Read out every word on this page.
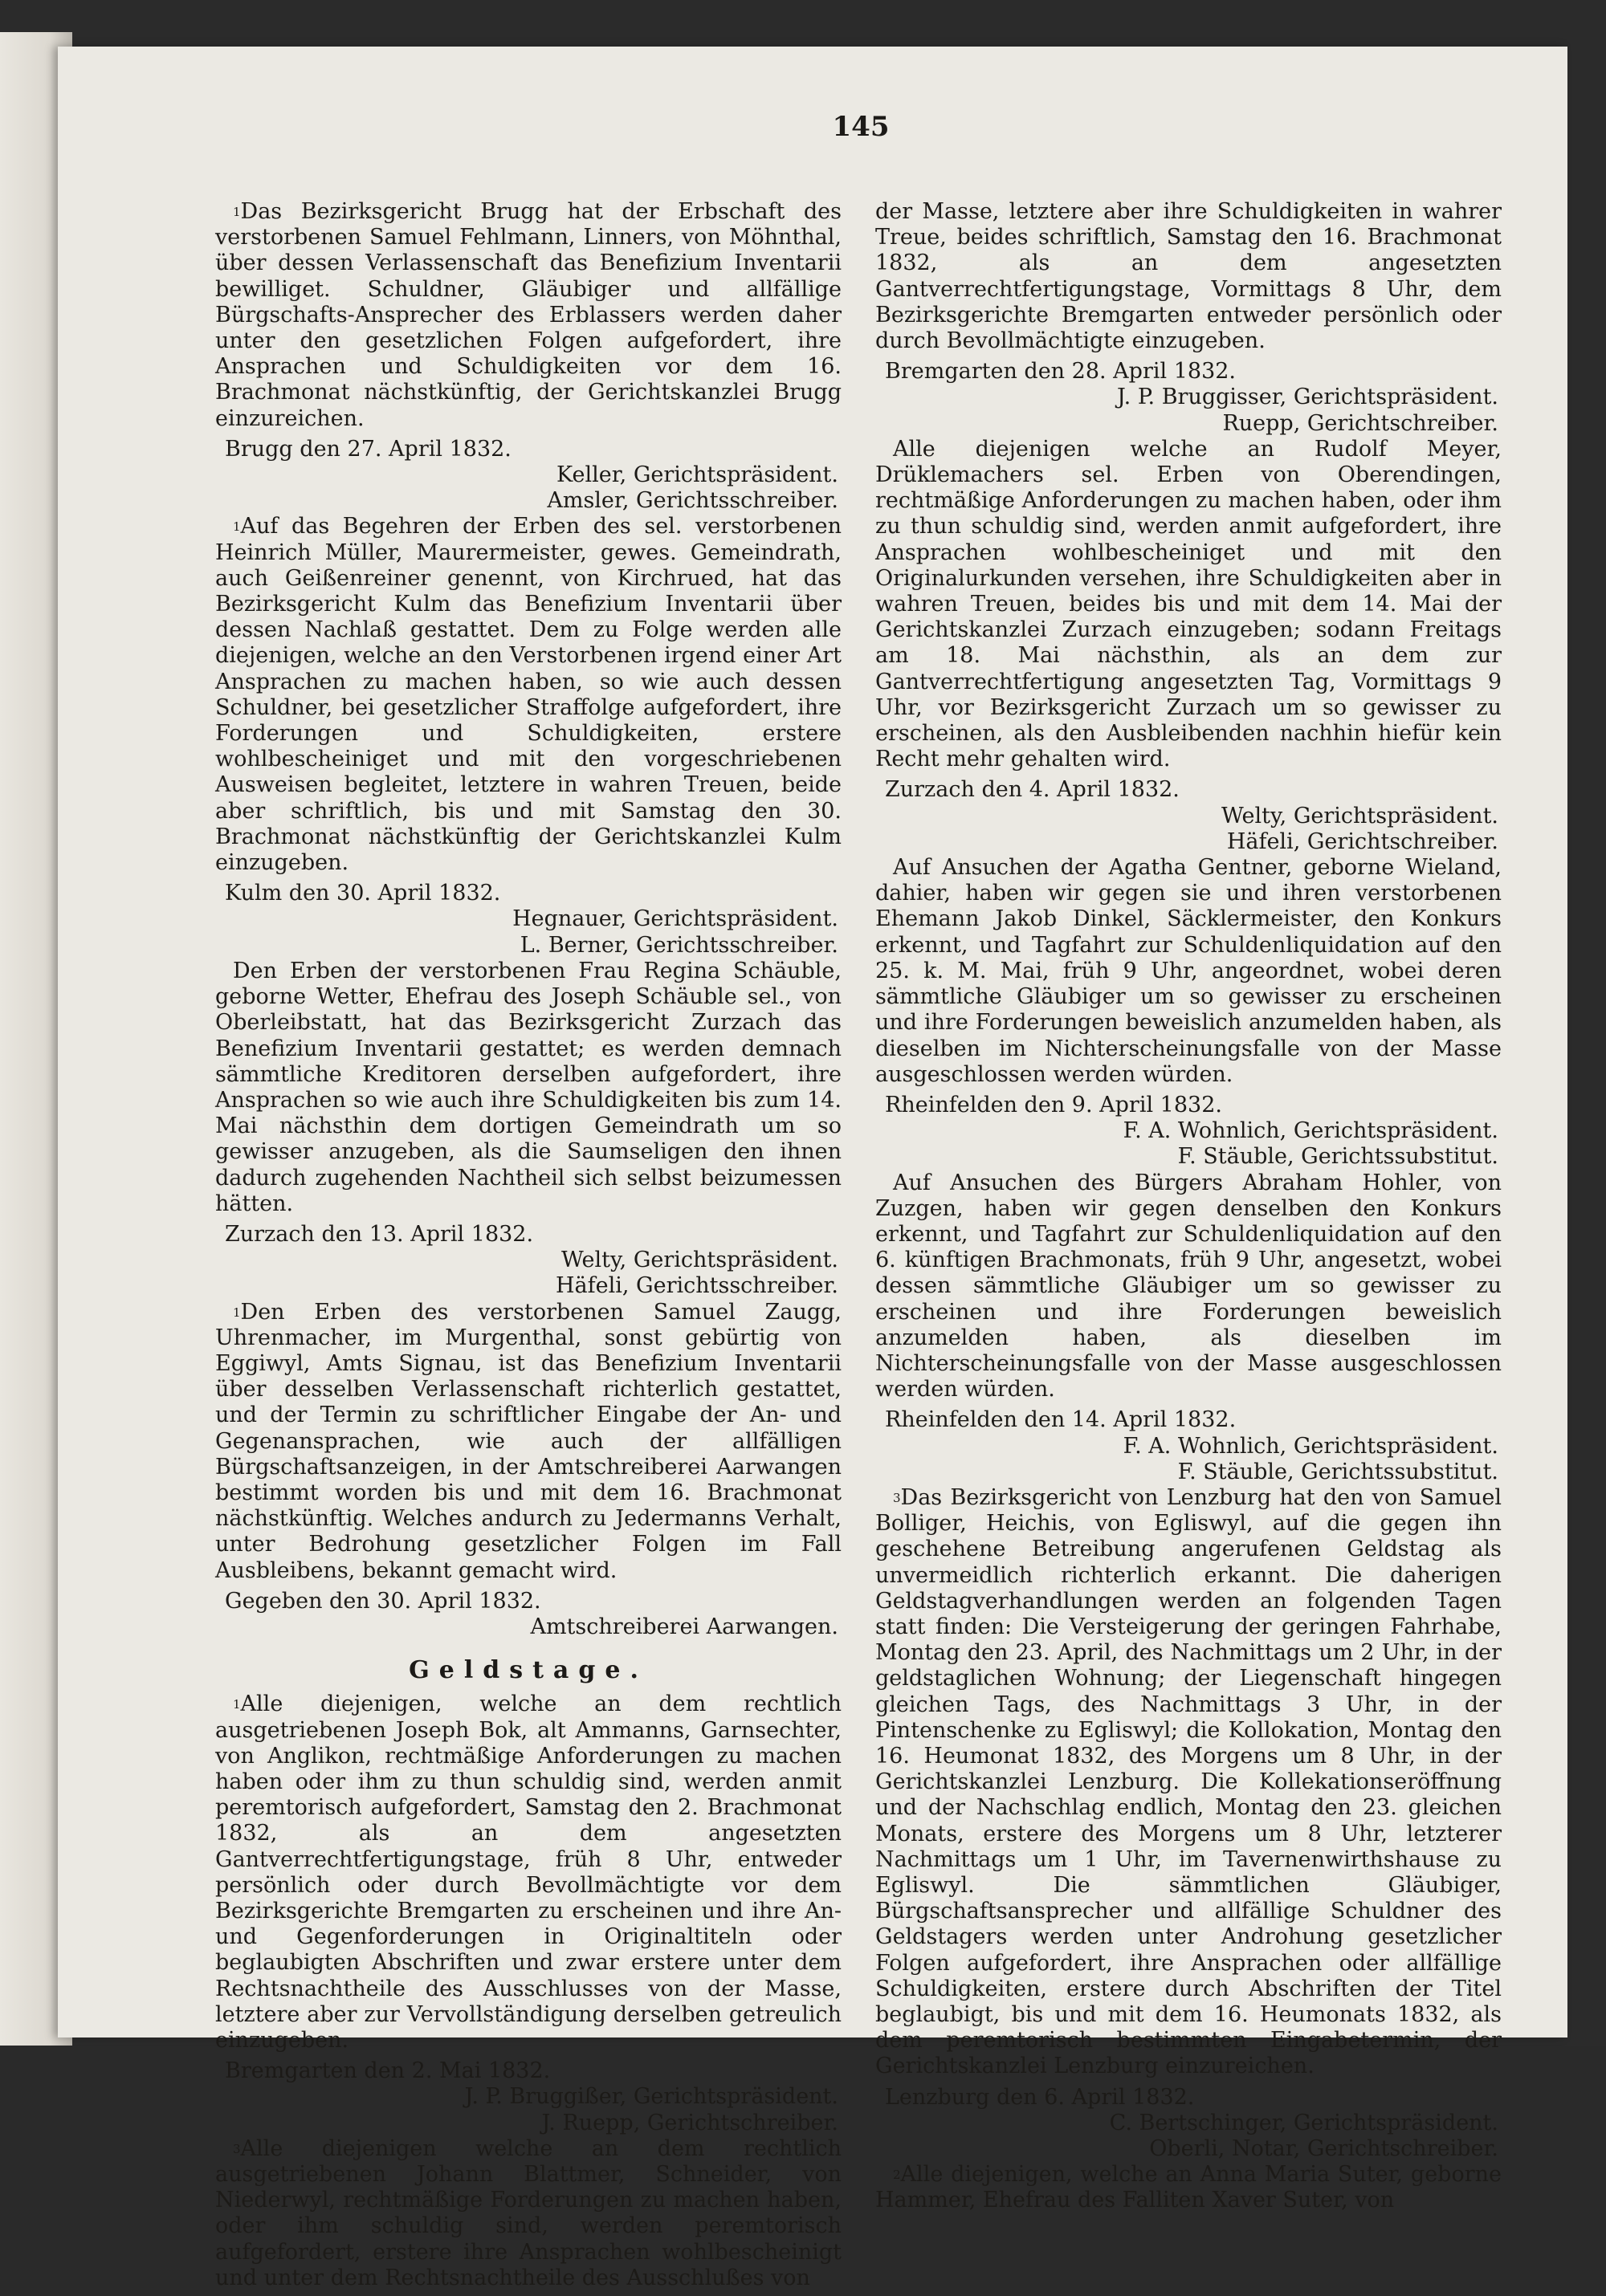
145

$^1$Das Bezirksgericht Brugg hat der Erbschaft des verstorbenen Samuel Fehlmann, Linners, von Möhnthal, über dessen Verlassenschaft das Benefizium Inventarii bewilliget. Schuldner, Gläubiger und allfällige Bürgschafts-Ansprecher des Erblassers werden daher unter den gesetzlichen Folgen aufgefordert, ihre Ansprachen und Schuldigkeiten vor dem 16. Brachmonat nächstkünftig, der Gerichtskanzlei Brugg einzureichen.

Brugg den 27. April 1832.
Keller, Gerichtspräsident.
Amsler, Gerichtsschreiber.

$^1$Auf das Begehren der Erben des sel. verstorbenen Heinrich Müller, Maurermeister, gewes. Gemeindrath, auch Geißenreiner genennt, von Kirchrued, hat das Bezirksgericht Kulm das Benefizium Inventarii über dessen Nachlaß gestattet. Dem zu Folge werden alle diejenigen, welche an den Verstorbenen irgend einer Art Ansprachen zu machen haben, so wie auch dessen Schuldner, bei gesetzlicher Straffolge aufgefordert, ihre Forderungen und Schuldigkeiten, erstere wohlbescheiniget und mit den vorgeschriebenen Ausweisen begleitet, letztere in wahren Treuen, beide aber schriftlich, bis und mit Samstag den 30. Brachmonat nächstkünftig der Gerichtskanzlei Kulm einzugeben.

Kulm den 30. April 1832.
Hegnauer, Gerichtspräsident.
L. Berner, Gerichtsschreiber.

Den Erben der verstorbenen Frau Regina Schäuble, geborne Wetter, Ehefrau des Joseph Schäuble sel., von Oberleibstatt, hat das Bezirksgericht Zurzach das Benefizium Inventarii gestattet; es werden demnach sämmtliche Kreditoren derselben aufgefordert, ihre Ansprachen so wie auch ihre Schuldigkeiten bis zum 14. Mai nächsthin dem dortigen Gemeindrath um so gewisser anzugeben, als die Saumseligen den ihnen dadurch zugehenden Nachtheil sich selbst beizumessen hätten.

Zurzach den 13. April 1832.
Welty, Gerichtspräsident.
Häfeli, Gerichtsschreiber.

$^1$Den Erben des verstorbenen Samuel Zaugg, Uhrenmacher, im Murgenthal, sonst gebürtig von Eggiwyl, Amts Signau, ist das Benefizium Inventarii über desselben Verlassenschaft richterlich gestattet, und der Termin zu schriftlicher Eingabe der An- und Gegenansprachen, wie auch der allfälligen Bürgschaftsanzeigen, in der Amtschreiberei Aarwangen bestimmt worden bis und mit dem 16. Brachmonat nächstkünftig. Welches andurch zu Jedermanns Verhalt, unter Bedrohung gesetzlicher Folgen im Fall Ausbleibens, bekannt gemacht wird.

Gegeben den 30. April 1832.
Amtschreiberei Aarwangen.
Geldstage.

$^1$Alle diejenigen, welche an dem rechtlich ausgetriebenen Joseph Bok, alt Ammanns, Garnsechter, von Anglikon, rechtmäßige Anforderungen zu machen haben oder ihm zu thun schuldig sind, werden anmit peremtorisch aufgefordert, Samstag den 2. Brachmonat 1832, als an dem angesetzten Gantverrechtfertigungstage, früh 8 Uhr, entweder persönlich oder durch Bevollmächtigte vor dem Bezirksgerichte Bremgarten zu erscheinen und ihre An- und Gegenforderungen in Originaltiteln oder beglaubigten Abschriften und zwar erstere unter dem Rechtsnachtheile des Ausschlusses von der Masse, letztere aber zur Vervollständigung derselben getreulich einzugeben.

Bremgarten den 2. Mai 1832.
J. P. Bruggißer, Gerichtspräsident.
J. Ruepp, Gerichtschreiber.

$^3$Alle diejenigen welche an dem rechtlich ausgetriebenen Johann Blattmer, Schneider, von Niederwyl, rechtmäßige Forderungen zu machen haben, oder ihm schuldig sind, werden peremtorisch aufgefordert, erstere ihre Ansprachen wohlbescheinigt und unter dem Rechtsnachtheile des Ausschlußes von

der Masse, letztere aber ihre Schuldigkeiten in wahrer Treue, beides schriftlich, Samstag den 16. Brachmonat 1832, als an dem angesetzten Gantverrechtfertigungstage, Vormittags 8 Uhr, dem Bezirksgerichte Bremgarten entweder persönlich oder durch Bevollmächtigte einzugeben.

Bremgarten den 28. April 1832.
J. P. Bruggisser, Gerichtspräsident.
Ruepp, Gerichtschreiber.

Alle diejenigen welche an Rudolf Meyer, Drüklemachers sel. Erben von Oberendingen, rechtmäßige Anforderungen zu machen haben, oder ihm zu thun schuldig sind, werden anmit aufgefordert, ihre Ansprachen wohlbescheiniget und mit den Originalurkunden versehen, ihre Schuldigkeiten aber in wahren Treuen, beides bis und mit dem 14. Mai der Gerichtskanzlei Zurzach einzugeben; sodann Freitags am 18. Mai nächsthin, als an dem zur Gantverrechtfertigung angesetzten Tag, Vormittags 9 Uhr, vor Bezirksgericht Zurzach um so gewisser zu erscheinen, als den Ausbleibenden nachhin hiefür kein Recht mehr gehalten wird.

Zurzach den 4. April 1832.
Welty, Gerichtspräsident.
Häfeli, Gerichtschreiber.

Auf Ansuchen der Agatha Gentner, geborne Wieland, dahier, haben wir gegen sie und ihren verstorbenen Ehemann Jakob Dinkel, Säcklermeister, den Konkurs erkennt, und Tagfahrt zur Schuldenliquidation auf den 25. k. M. Mai, früh 9 Uhr, angeordnet, wobei deren sämmtliche Gläubiger um so gewisser zu erscheinen und ihre Forderungen beweislich anzumelden haben, als dieselben im Nichterscheinungsfalle von der Masse ausgeschlossen werden würden.

Rheinfelden den 9. April 1832.
F. A. Wohnlich, Gerichtspräsident.
F. Stäuble, Gerichtssubstitut.

Auf Ansuchen des Bürgers Abraham Hohler, von Zuzgen, haben wir gegen denselben den Konkurs erkennt, und Tagfahrt zur Schuldenliquidation auf den 6. künftigen Brachmonats, früh 9 Uhr, angesetzt, wobei dessen sämmtliche Gläubiger um so gewisser zu erscheinen und ihre Forderungen beweislich anzumelden haben, als dieselben im Nichterscheinungsfalle von der Masse ausgeschlossen werden würden.

Rheinfelden den 14. April 1832.
F. A. Wohnlich, Gerichtspräsident.
F. Stäuble, Gerichtssubstitut.

$^3$Das Bezirksgericht von Lenzburg hat den von Samuel Bolliger, Heichis, von Egliswyl, auf die gegen ihn geschehene Betreibung angerufenen Geldstag als unvermeidlich richterlich erkannt. Die daherigen Geldstagverhandlungen werden an folgenden Tagen statt finden: Die Versteigerung der geringen Fahrhabe, Montag den 23. April, des Nachmittags um 2 Uhr, in der geldstaglichen Wohnung; der Liegenschaft hingegen gleichen Tags, des Nachmittags 3 Uhr, in der Pintenschenke zu Egliswyl; die Kollokation, Montag den 16. Heumonat 1832, des Morgens um 8 Uhr, in der Gerichtskanzlei Lenzburg. Die Kollekationseröffnung und der Nachschlag endlich, Montag den 23. gleichen Monats, erstere des Morgens um 8 Uhr, letzterer Nachmittags um 1 Uhr, im Tavernenwirthshause zu Egliswyl. Die sämmtlichen Gläubiger, Bürgschaftsansprecher und allfällige Schuldner des Geldstagers werden unter Androhung gesetzlicher Folgen aufgefordert, ihre Ansprachen oder allfällige Schuldigkeiten, erstere durch Abschriften der Titel beglaubigt, bis und mit dem 16. Heumonats 1832, als dem peremtorisch bestimmten Eingabetermin, der Gerichtskanzlei Lenzburg einzureichen.

Lenzburg den 6. April 1832.
C. Bertschinger, Gerichtspräsident.
Oberli, Notar, Gerichtschreiber.

$^2$Alle diejenigen, welche an Anna Maria Suter, geborne Hammer, Ehefrau des Falliten Xaver Suter, von
